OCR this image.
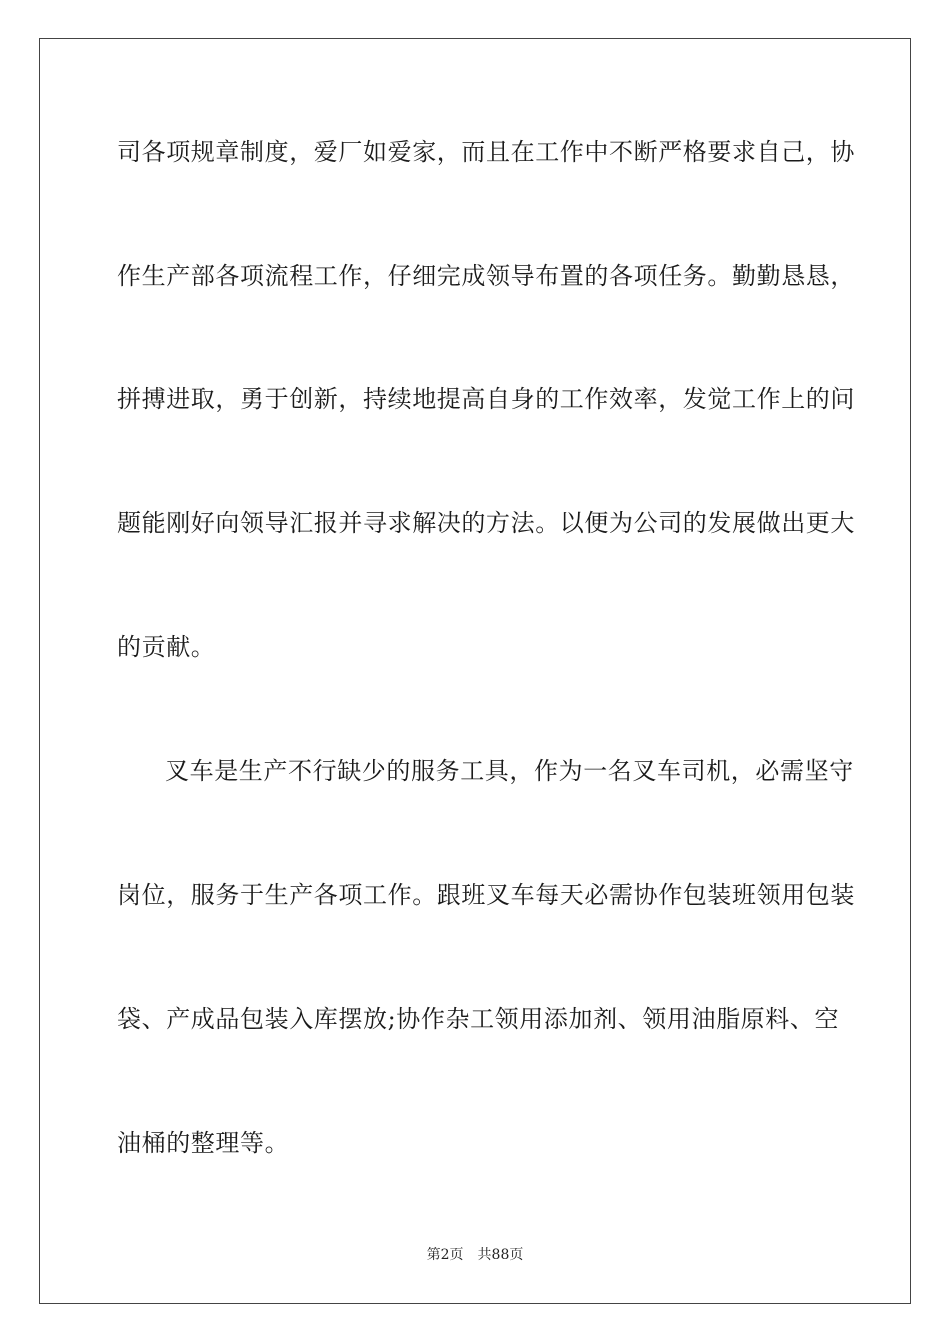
司各项规章制度，爱厂如爱家，而且在工作中不断严格要求自己，协
作生产部各项流程工作，仔细完成领导布置的各项任务。勤勤恳恳，
拼搏进取，勇于创新，持续地提高自身的工作效率，发觉工作上的问
题能刚好向领导汇报并寻求解决的方法。以便为公司的发展做出更大
的贡献。
叉车是生产不行缺少的服务工具，作为一名叉车司机，必需坚守
岗位，服务于生产各项工作。跟班叉车每天必需协作包装班领用包装
袋、产成品包装入库摆放;协作杂工领用添加剂、领用油脂原料、空
油桶的整理等。
第2页 共88页
